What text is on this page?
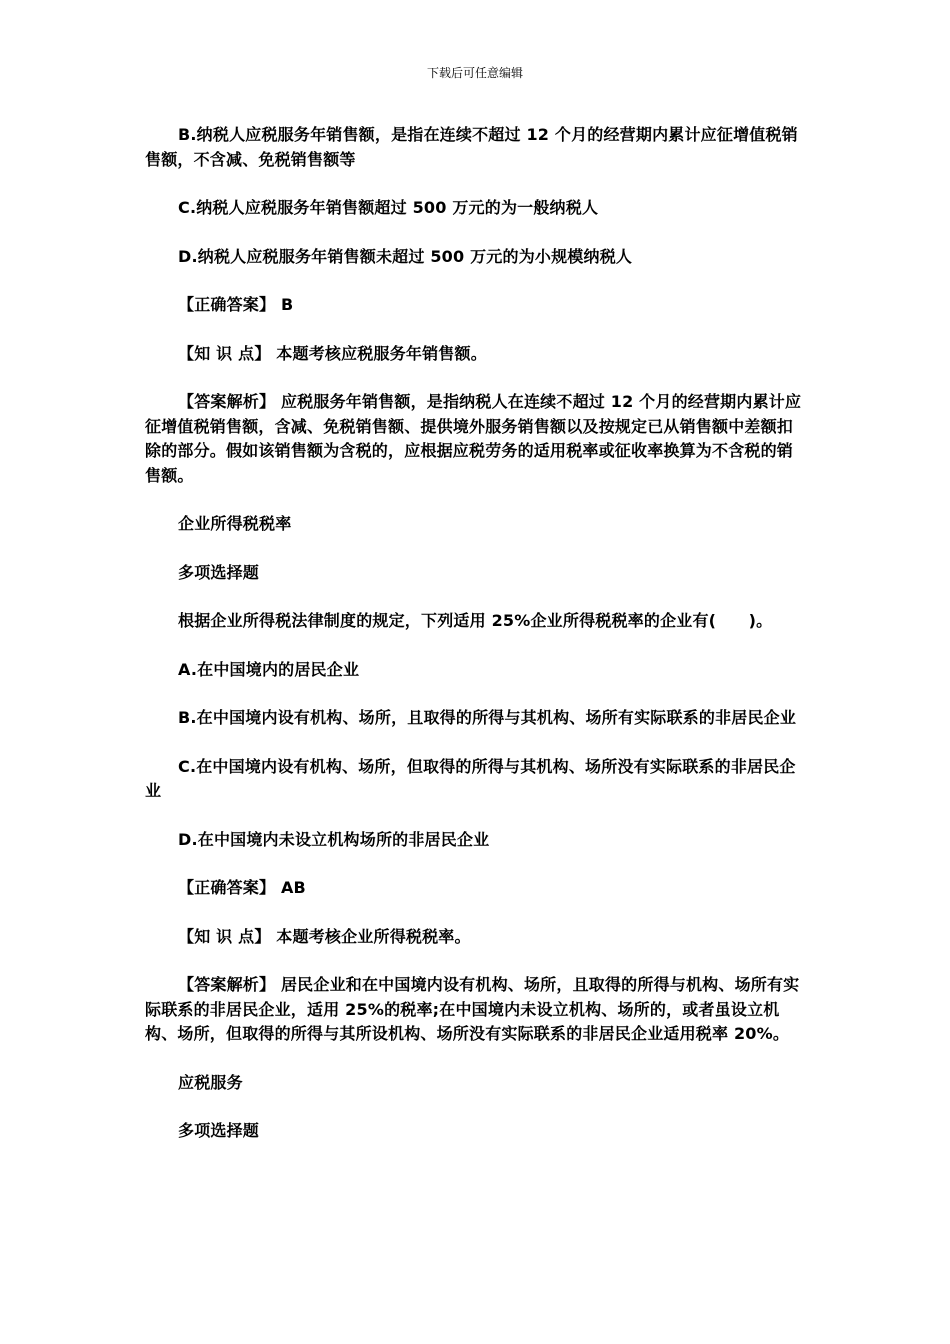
下载后可任意编辑

B.纳税人应税服务年销售额，是指在连续不超过 12 个月的经营期内累计应征增值税销售额，不含减、免税销售额等

C.纳税人应税服务年销售额超过 500 万元的为一般纳税人

D.纳税人应税服务年销售额未超过 500 万元的为小规模纳税人

【正确答案】 B

【知 识 点】 本题考核应税服务年销售额。

【答案解析】 应税服务年销售额，是指纳税人在连续不超过 12 个月的经营期内累计应征增值税销售额，含减、免税销售额、提供境外服务销售额以及按规定已从销售额中差额扣除的部分。假如该销售额为含税的，应根据应税劳务的适用税率或征收率换算为不含税的销售额。

企业所得税税率

多项选择题

根据企业所得税法律制度的规定，下列适用 25%企业所得税税率的企业有(　　)。

A.在中国境内的居民企业

B.在中国境内设有机构、场所，且取得的所得与其机构、场所有实际联系的非居民企业

C.在中国境内设有机构、场所，但取得的所得与其机构、场所没有实际联系的非居民企业

D.在中国境内未设立机构场所的非居民企业

【正确答案】 AB

【知 识 点】 本题考核企业所得税税率。

【答案解析】 居民企业和在中国境内设有机构、场所，且取得的所得与机构、场所有实际联系的非居民企业，适用 25%的税率;在中国境内未设立机构、场所的，或者虽设立机构、场所，但取得的所得与其所设机构、场所没有实际联系的非居民企业适用税率 20%。

应税服务

多项选择题
